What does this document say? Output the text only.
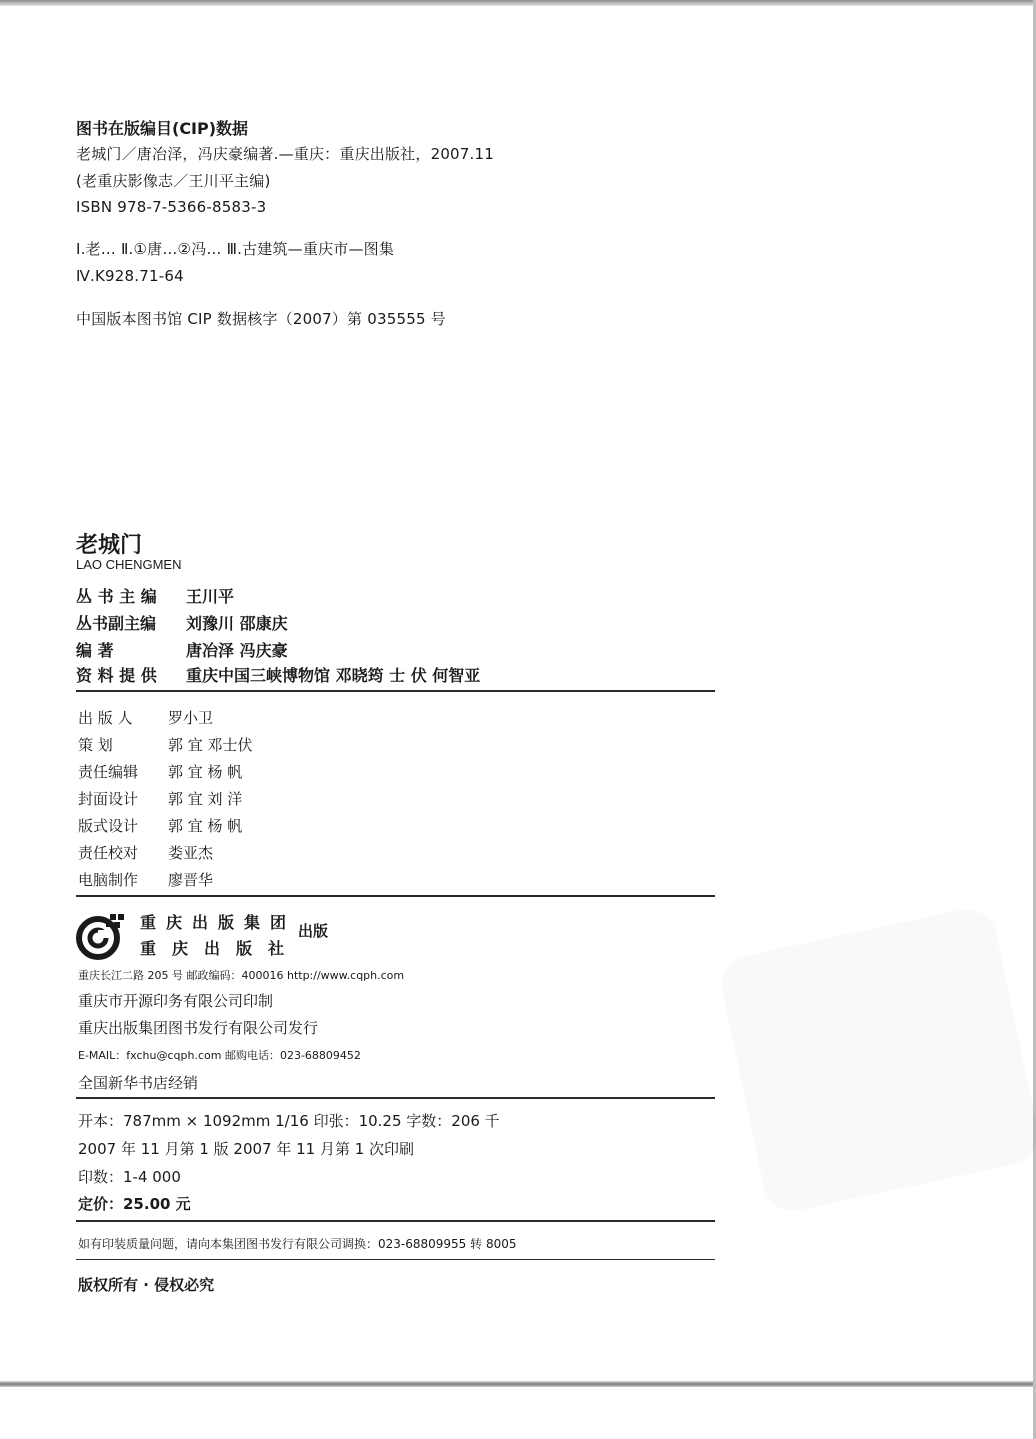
图书在版编目(CIP)数据
老城门／唐冶泽，冯庆豪编著.—重庆：重庆出版社，2007.11
(老重庆影像志／王川平主编)
ISBN 978-7-5366-8583-3
Ⅰ.老… Ⅱ.①唐…②冯… Ⅲ.古建筑—重庆市—图集
Ⅳ.K928.71-64
中国版本图书馆 CIP 数据核字（2007）第 035555 号
老城门
LAO CHENGMEN
丛 书 主 编 王川平
丛书副主编 刘豫川 邵康庆
编 著	唐冶泽 冯庆豪
资 料 提 供 重庆中国三峡博物馆 邓晓筠 士 伏 何智亚
出 版 人 罗小卫
策 划	郭 宜 邓士伏
责任编辑 郭 宜 杨 帆
封面设计 郭 宜 刘 洋
版式设计 郭 宜 杨 帆
责任校对 娄亚杰
电脑制作 廖晋华
重庆出版集团
重庆出版社
出版
重庆长江二路 205 号 邮政编码：400016 http://www.cqph.com
重庆市开源印务有限公司印制
重庆出版集团图书发行有限公司发行
E-MAIL：fxchu@cqph.com 邮购电话：023-68809452
全国新华书店经销
开本：787mm × 1092mm 1/16 印张：10.25 字数：206 千
2007 年 11 月第 1 版 2007 年 11 月第 1 次印刷
印数：1-4 000
定价：25.00 元
如有印装质量问题，请向本集团图书发行有限公司调换：023-68809955 转 8005
版权所有 · 侵权必究
